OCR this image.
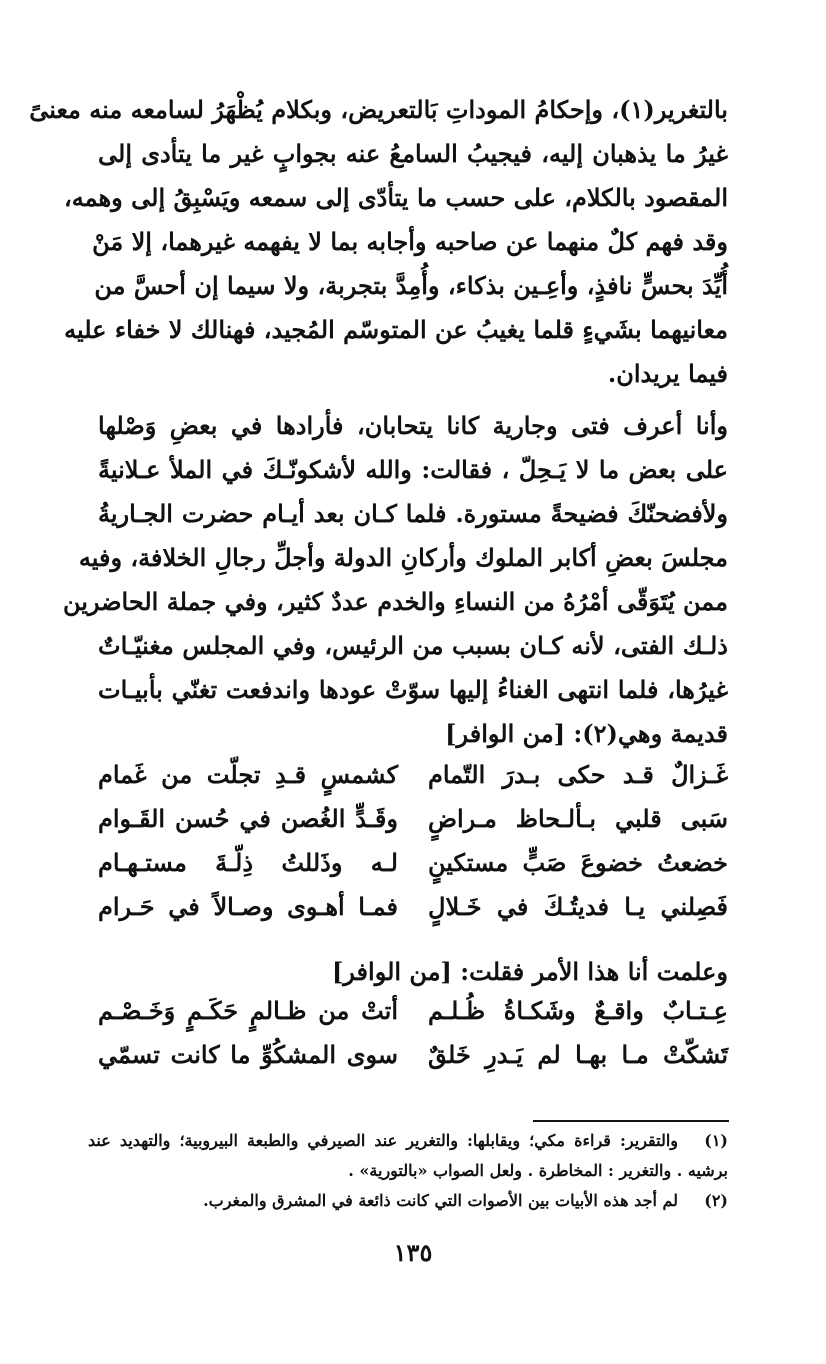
بالتغرير(١)، وإحكامُ الموداتِ بَالتعريض، وبكلام يُظْهَرُ لسامعه منه معنىً
غيرُ ما يذهبان إليه، فيجيبُ السامعُ عنه بجوابٍ غير ما يتأدى إلى
المقصود بالكلام، على حسب ما يتأدّى إلى سمعه ويَسْبِقُ إلى وهمه،
وقد فهم كلٌ منهما عن صاحبه وأجابه بما لا يفهمه غيرهما، إلا مَنْ
أُيِّدَ بحسٍّ نافذٍ، وأعِـين بذكاء، وأُمِدَّ بتجربة، ولا سيما إن أحسَّ من
معانيهما بشَيءٍ قلما يغيبُ عن المتوسّم المُجيد، فهنالك لا خفاء عليه
فيما يريدان.
وأنا أعرف فتى وجارية كانا يتحابان، فأرادها في بعضِ وَصْلها
على بعض ما لا يَـحِلّ ، فقالت: والله لأشكونّـكَ في الملأ عـلانيةً
ولأفضحنّكَ فضيحةً مستورة. فلما كـان بعد أيـام حضرت الجـاريةُ
مجلسَ بعضِ أكابر الملوك وأركانِ الدولة وأجلِّ رجالِ الخلافة، وفيه
ممن يُتَوَقّى أمْرُهُ من النساءِ والخدم عددٌ كثير، وفي جملة الحاضرين
ذلـك الفتى، لأنه كـان بسبب من الرئيس، وفي المجلس مغنيّـاتٌ
غيرُها، فلما انتهى الغناءُ إليها سوّتْ عودها واندفعت تغنّي بأبيـات
قديمة وهي(٢): [من الوافر]
غَـزالٌ قـد حكى بـدرَ التّمام
كشمسٍ قـدِ تجلّت من غَمام
سَبى قلبي بـألـحاظ مـراضٍ
وقَـدٍّ الغُصن في حُسن القَـوام
خضعتُ خضوعَ صَبٍّ مستكينٍ
لـه وذَللتُ ذِلّـةَ مستـهـام
فَصِلني يـا فديتُـكَ في خَـلالٍ
فمـا أهـوى وصـالاً في حَـرام
وعلمت أنا هذا الأمر فقلت: [من الوافر]
عِـتـابٌ واقـعٌ وشَكـاةُ ظُـلـم
أتتْ من ظـالمٍ حَكَـمٍ وَخَـصْـم
تَشكّتْ مـا بهـا لم يَـدرِ خَلقٌ
سوى المشكُوِّ ما كانت تسمّي
(١)
والتقرير: قراءة مكي؛ ويقابلها: والتغرير عند الصيرفي والطبعة البيروبية؛ والتهديد عند
برشيه . والتغرير : المخاطرة . ولعل الصواب «بالتورية» .
(٢)
لم أجد هذه الأبيات بين الأصوات التي كانت ذائعة في المشرق والمغرب.
١٣٥
